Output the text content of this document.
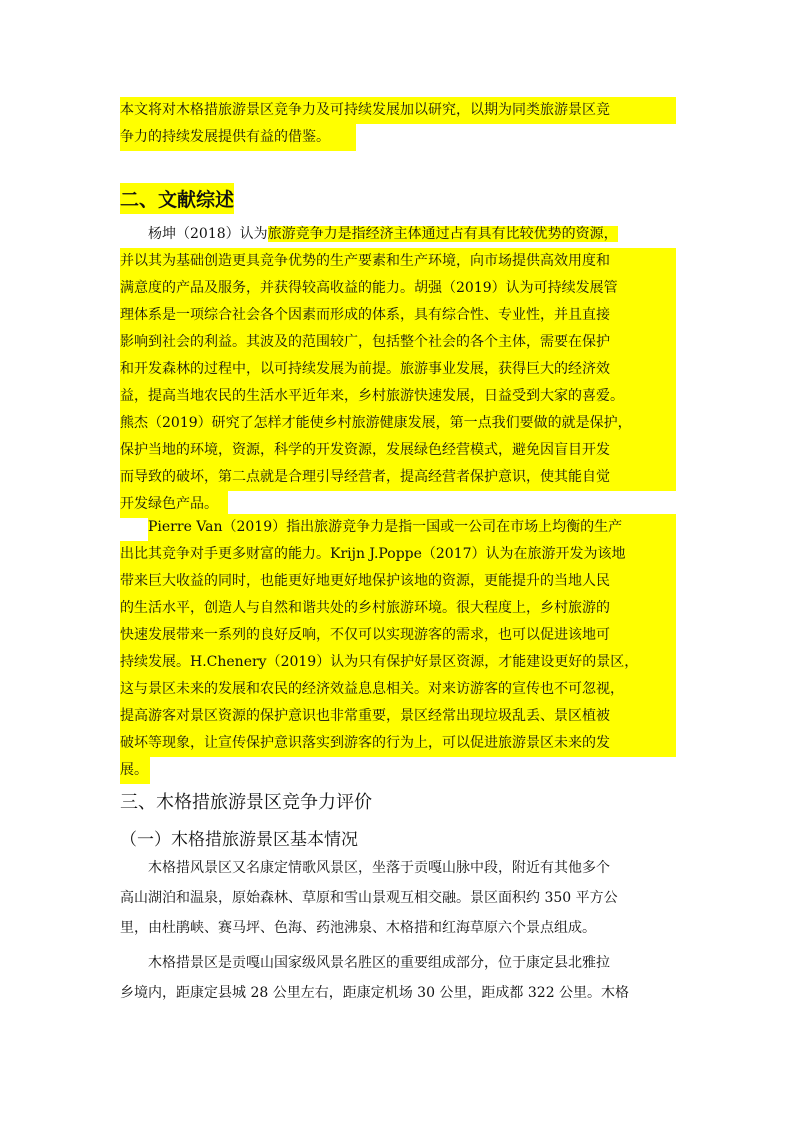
本文将对木格措旅游景区竞争力及可持续发展加以研究，以期为同类旅游景区竞
争力的持续发展提供有益的借鉴。
二、文献综述
杨坤（2018）认为旅游竞争力是指经济主体通过占有具有比较优势的资源，
并以其为基础创造更具竞争优势的生产要素和生产环境，向市场提供高效用度和
满意度的产品及服务，并获得较高收益的能力。胡强（2019）认为可持续发展管
理体系是一项综合社会各个因素而形成的体系，具有综合性、专业性，并且直接
影响到社会的利益。其波及的范围较广，包括整个社会的各个主体，需要在保护
和开发森林的过程中，以可持续发展为前提。旅游事业发展，获得巨大的经济效
益，提高当地农民的生活水平近年来，乡村旅游快速发展，日益受到大家的喜爱。
熊杰（2019）研究了怎样才能使乡村旅游健康发展，第一点我们要做的就是保护，
保护当地的环境，资源，科学的开发资源，发展绿色经营模式，避免因盲目开发
而导致的破坏，第二点就是合理引导经营者，提高经营者保护意识，使其能自觉
开发绿色产品。
Pierre Van（2019）指出旅游竞争力是指一国或一公司在市场上均衡的生产
出比其竞争对手更多财富的能力。Krijn J.Poppe（2017）认为在旅游开发为该地
带来巨大收益的同时，也能更好地更好地保护该地的资源，更能提升的当地人民
的生活水平，创造人与自然和谐共处的乡村旅游环境。很大程度上，乡村旅游的
快速发展带来一系列的良好反响，不仅可以实现游客的需求，也可以促进该地可
持续发展。H.Chenery（2019）认为只有保护好景区资源，才能建设更好的景区，
这与景区未来的发展和农民的经济效益息息相关。对来访游客的宣传也不可忽视，
提高游客对景区资源的保护意识也非常重要，景区经常出现垃圾乱丢、景区植被
破坏等现象，让宣传保护意识落实到游客的行为上，可以促进旅游景区未来的发
展。
三、木格措旅游景区竞争力评价
（一）木格措旅游景区基本情况
木格措风景区又名康定情歌风景区，坐落于贡嘎山脉中段，附近有其他多个
高山湖泊和温泉，原始森林、草原和雪山景观互相交融。景区面积约 350 平方公
里，由杜鹃峡、赛马坪、色海、药池沸泉、木格措和红海草原六个景点组成。
木格措景区是贡嘎山国家级风景名胜区的重要组成部分，位于康定县北雅拉
乡境内，距康定县城 28 公里左右，距康定机场 30 公里，距成都 322 公里。木格
